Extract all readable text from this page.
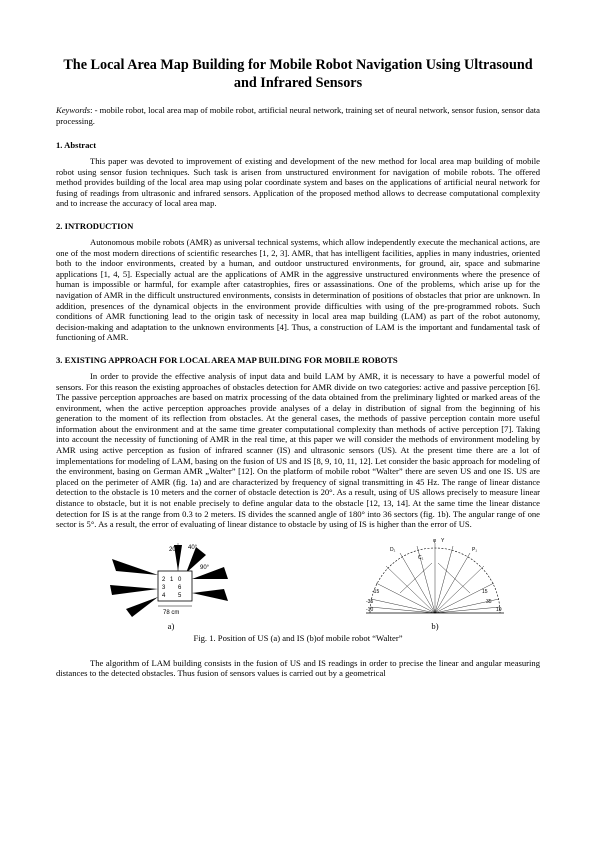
The Local Area Map Building for Mobile Robot Navigation Using Ultrasound and Infrared Sensors

Keywords: - mobile robot, local area map of mobile robot, artificial neural network, training set of neural network, sensor fusion, sensor data processing.

1. Abstract

This paper was devoted to improvement of existing and development of the new method for local area map building of mobile robot using sensor fusion techniques. Such task is arisen from unstructured environment for navigation of mobile robots. The offered method provides building of the local area map using polar coordinate system and bases on the applications of artificial neural network for fusing of readings from ultrasonic and infrared sensors. Application of the proposed method allows to decrease computational complexity and to increase the accuracy of local area map.

2. INTRODUCTION

Autonomous mobile robots (AMR) as universal technical systems, which allow independently execute the mechanical actions, are one of the most modern directions of scientific researches [1, 2, 3]. AMR, that has intelligent facilities, applies in many industries, oriented both to the indoor environments, created by a human, and outdoor unstructured environments, for ground, air, space and submarine applications [1, 4, 5]. Especially actual are the applications of AMR in the aggressive unstructured environments where the presence of human is impossible or harmful, for example after catastrophies, fires or assassinations. One of the problems, which arise up for the navigation of AMR in the difficult unstructured environments, consists in determination of positions of obstacles that prior are unknown. In addition, presences of the dynamical objects in the environment provide difficulties with using of the pre-programmed robots. Such conditions of AMR functioning lead to the origin task of necessity in local area map building (LAM) as part of the robot autonomy, decision-making and adaptation to the unknown environments [4]. Thus, a construction of LAM is the important and fundamental task of functioning of AMR.

3. EXISTING APPROACH FOR LOCAL AREA MAP BUILDING FOR MOBILE ROBOTS

In order to provide the effective analysis of input data and build LAM by AMR, it is necessary to have a powerful model of sensors. For this reason the existing approaches of obstacles detection for AMR divide on two categories: active and passive perception [6]. The passive perception approaches are based on matrix processing of the data obtained from the preliminary lighted or marked areas of the environment, when the active perception approaches provide analyses of a delay in distribution of signal from the beginning of his generation to the moment of its reflection from obstacles. At the general cases, the methods of passive perception contain more useful information about the environment and at the same time greater computational complexity than methods of active perception [7]. Taking into account the necessity of functioning of AMR in the real time, at this paper we will consider the methods of environment modeling by AMR using active perception as fusion of infrared scanner (IS) and ultrasonic sensors (US). At the present time there are a lot of implementations for modeling of LAM, basing on the fusion of US and IS [8, 9, 10, 11, 12]. Let consider the basic approach for modeling of the environment, basing on German AMR „Walter” [12]. On the platform of mobile robot “Walter” there are seven US and one IS. US are placed on the perimeter of AMR (fig. 1a) and are characterized by frequency of signal transmitting in 45 Hz. The range of linear distance detection to the obstacle is 10 meters and the corner of obstacle detection is 20°. As a result, using of US allows precisely to measure linear distance to obstacle, but it is not enable precisely to define angular data to the obstacle [12, 13, 14]. At the same time the linear distance detection for IS is at the range from 0.3 to 2 meters. IS divides the scanned angle of 180° into 36 sectors (fig. 1b). The angular range of one sector is 5°. As a result, the error of evaluating of linear distance to obstacle by using of IS is higher than the error of US.

20° 40°
90°
2 1 0
3 6
4 5
78 cm
a)
φ Y
D₁	P₁
15
35
-15
-35
-10	10
C₁
b)
Fig. 1. Position of US (a) and IS (b)of mobile robot “Walter”

The algorithm of LAM building consists in the fusion of US and IS readings in order to precise the linear and angular measuring distances to the detected obstacles. Thus fusion of sensors values is carried out by a geometrical
